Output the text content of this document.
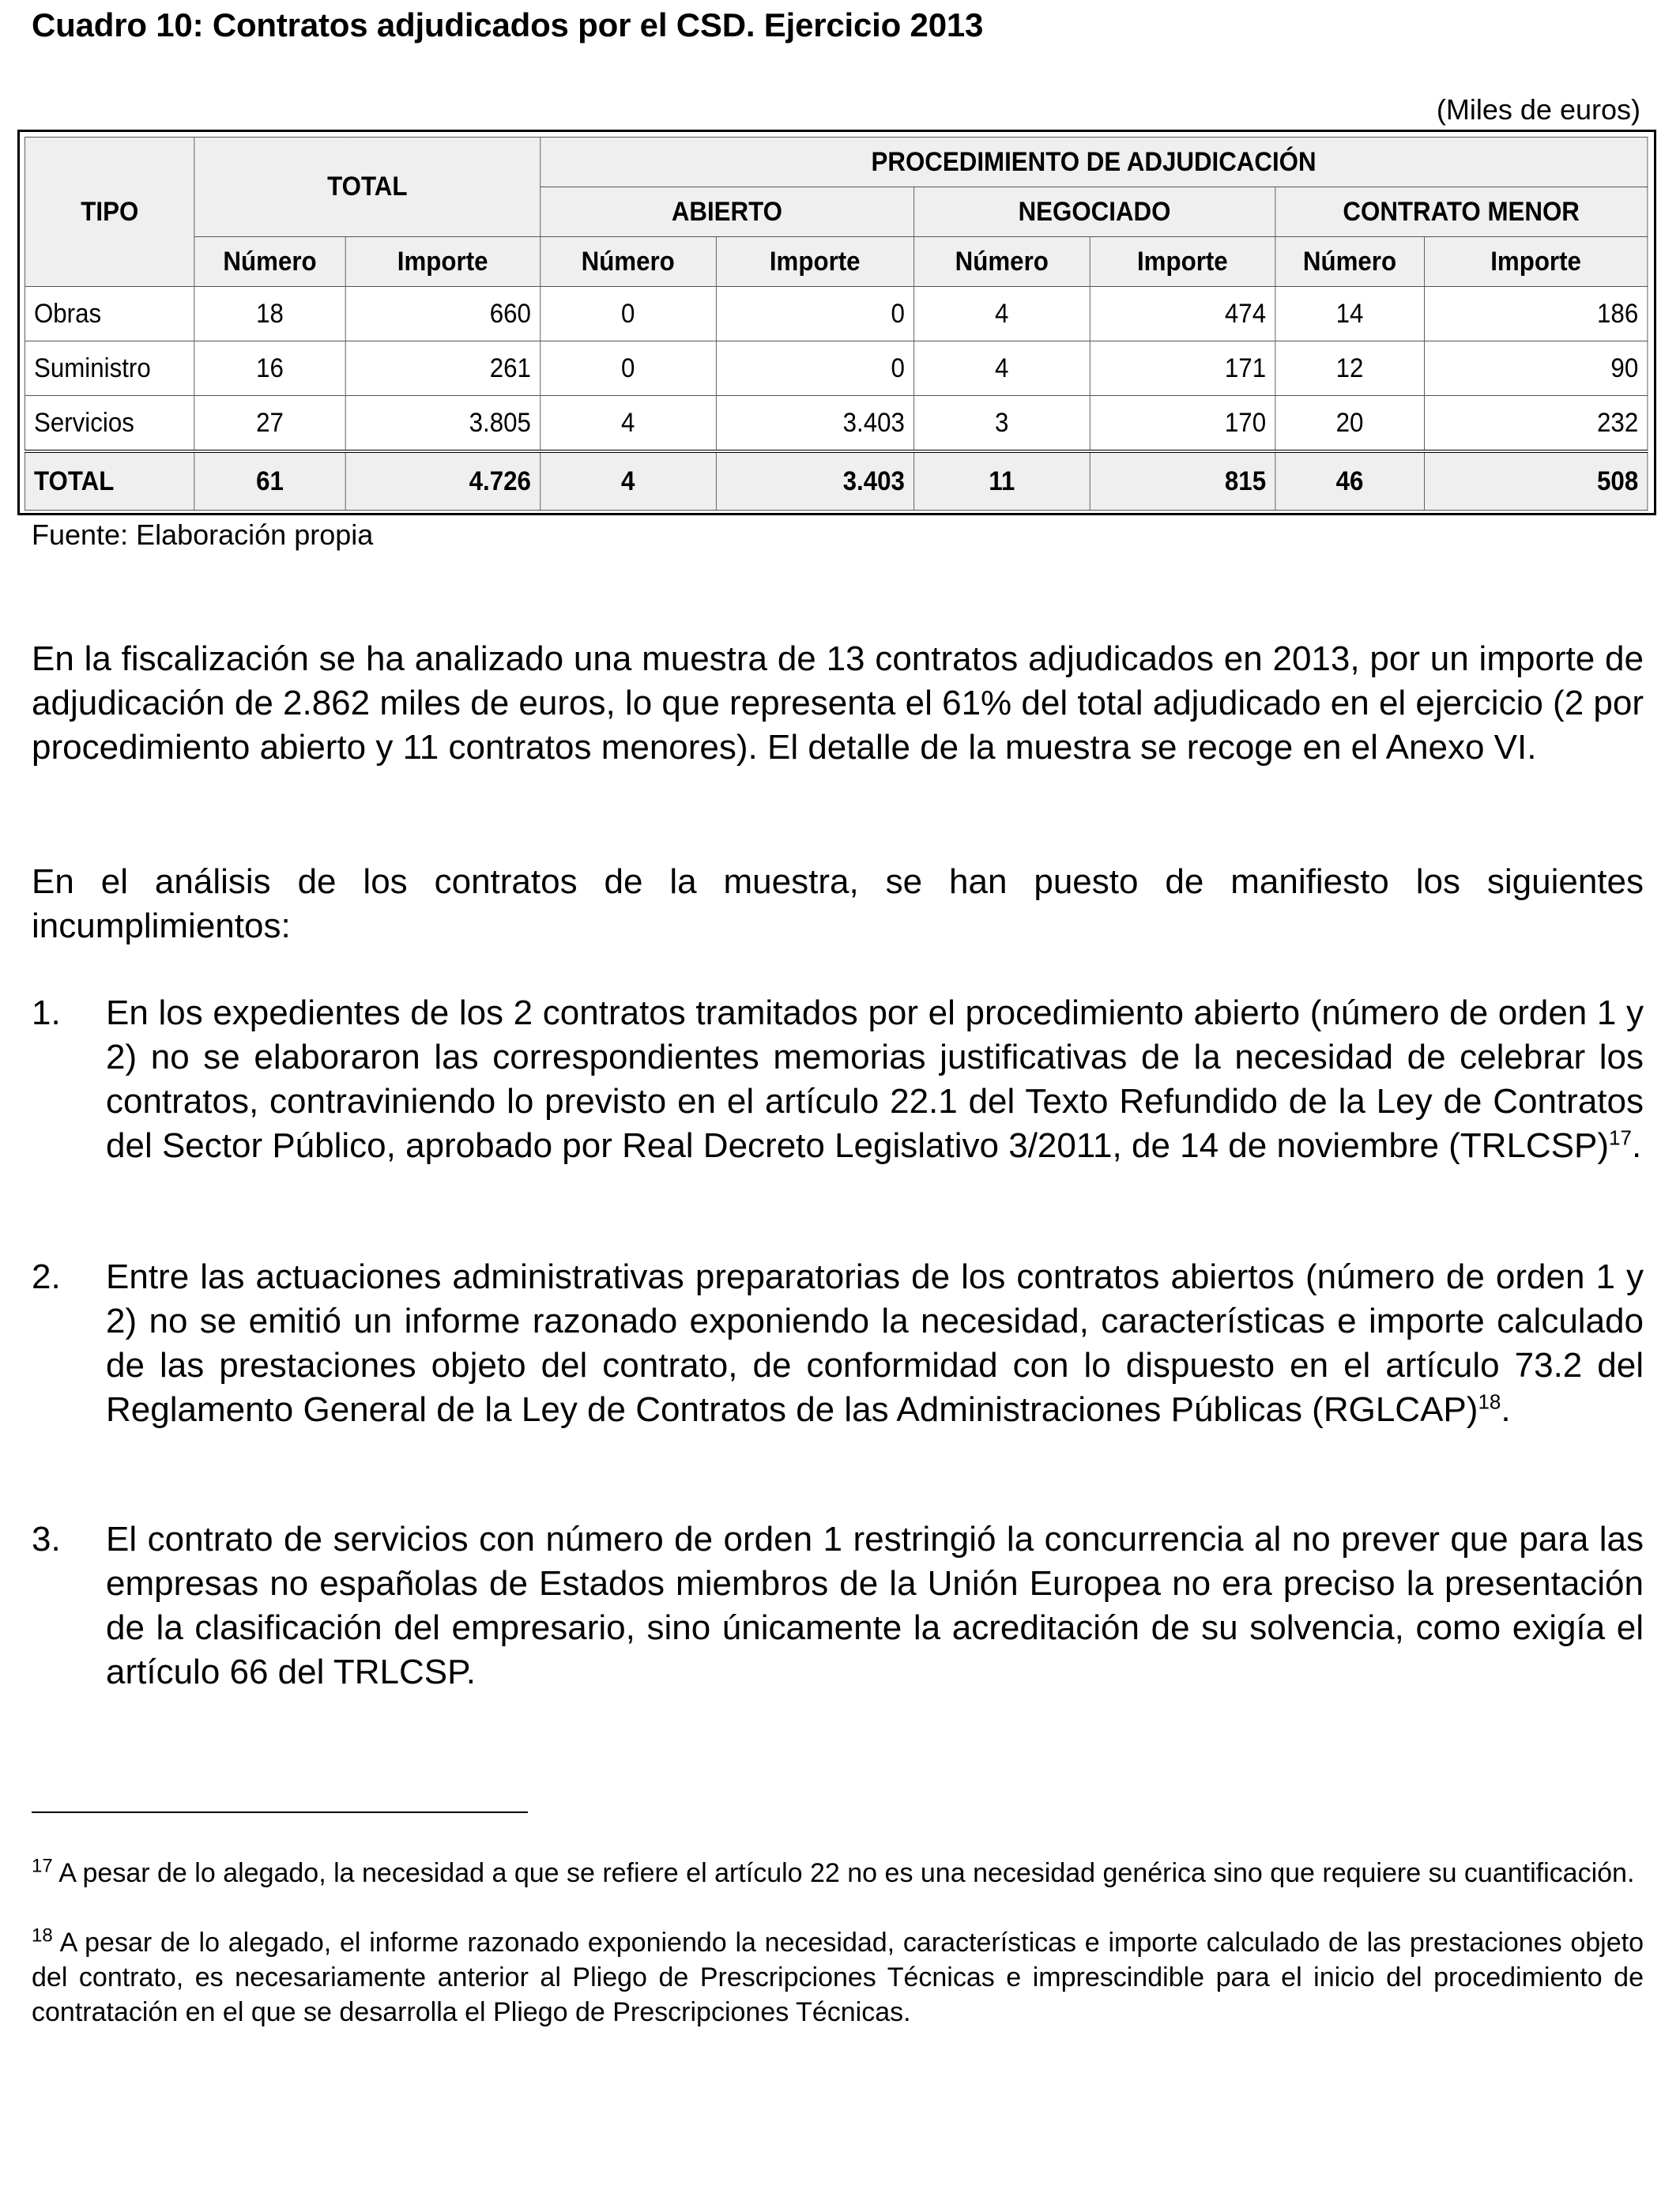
Cuadro 10: Contratos adjudicados por el CSD. Ejercicio 2013
(Miles de euros)
TIPO	TOTAL		PROCEDIMIENTO DE ADJUDICACIÓN					
			ABIERTO		NEGOCIADO		CONTRATO MENOR	
	Número	Importe	Número	Importe	Número	Importe	Número	Importe
Obras	18	660	0	0	4	474	14	186
Suministro	16	261	0	0	4	171	12	90
Servicios	27	3.805	4	3.403	3	170	20	232
TOTAL	61	4.726	4	3.403	11	815	46	508
Fuente: Elaboración propia
En la fiscalización se ha analizado una muestra de 13 contratos adjudicados en 2013, por un importe de adjudicación de 2.862 miles de euros, lo que representa el 61% del total adjudicado en el ejercicio (2 por procedimiento abierto y 11 contratos menores). El detalle de la muestra se recoge en el Anexo VI.
En el análisis de los contratos de la muestra, se han puesto de manifiesto los siguientes incumplimientos:
1.	En los expedientes de los 2 contratos tramitados por el procedimiento abierto (número de orden 1 y 2) no se elaboraron las correspondientes memorias justificativas de la necesidad de celebrar los contratos, contraviniendo lo previsto en el artículo 22.1 del Texto Refundido de la Ley de Contratos del Sector Público, aprobado por Real Decreto Legislativo 3/2011, de 14 de noviembre (TRLCSP)$^{17}$.
2.	Entre las actuaciones administrativas preparatorias de los contratos abiertos (número de orden 1 y 2) no se emitió un informe razonado exponiendo la necesidad, características e importe calculado de las prestaciones objeto del contrato, de conformidad con lo dispuesto en el artículo 73.2 del Reglamento General de la Ley de Contratos de las Administraciones Públicas (RGLCAP)$^{18}$.
3.	El contrato de servicios con número de orden 1 restringió la concurrencia al no prever que para las empresas no españolas de Estados miembros de la Unión Europea no era preciso la presentación de la clasificación del empresario, sino únicamente la acreditación de su solvencia, como exigía el artículo 66 del TRLCSP.
$^{17}$ A pesar de lo alegado, la necesidad a que se refiere el artículo 22 no es una necesidad genérica sino que requiere su cuantificación.
$^{18}$ A pesar de lo alegado, el informe razonado exponiendo la necesidad, características e importe calculado de las prestaciones objeto del contrato, es necesariamente anterior al Pliego de Prescripciones Técnicas e imprescindible para el inicio del procedimiento de contratación en el que se desarrolla el Pliego de Prescripciones Técnicas.
